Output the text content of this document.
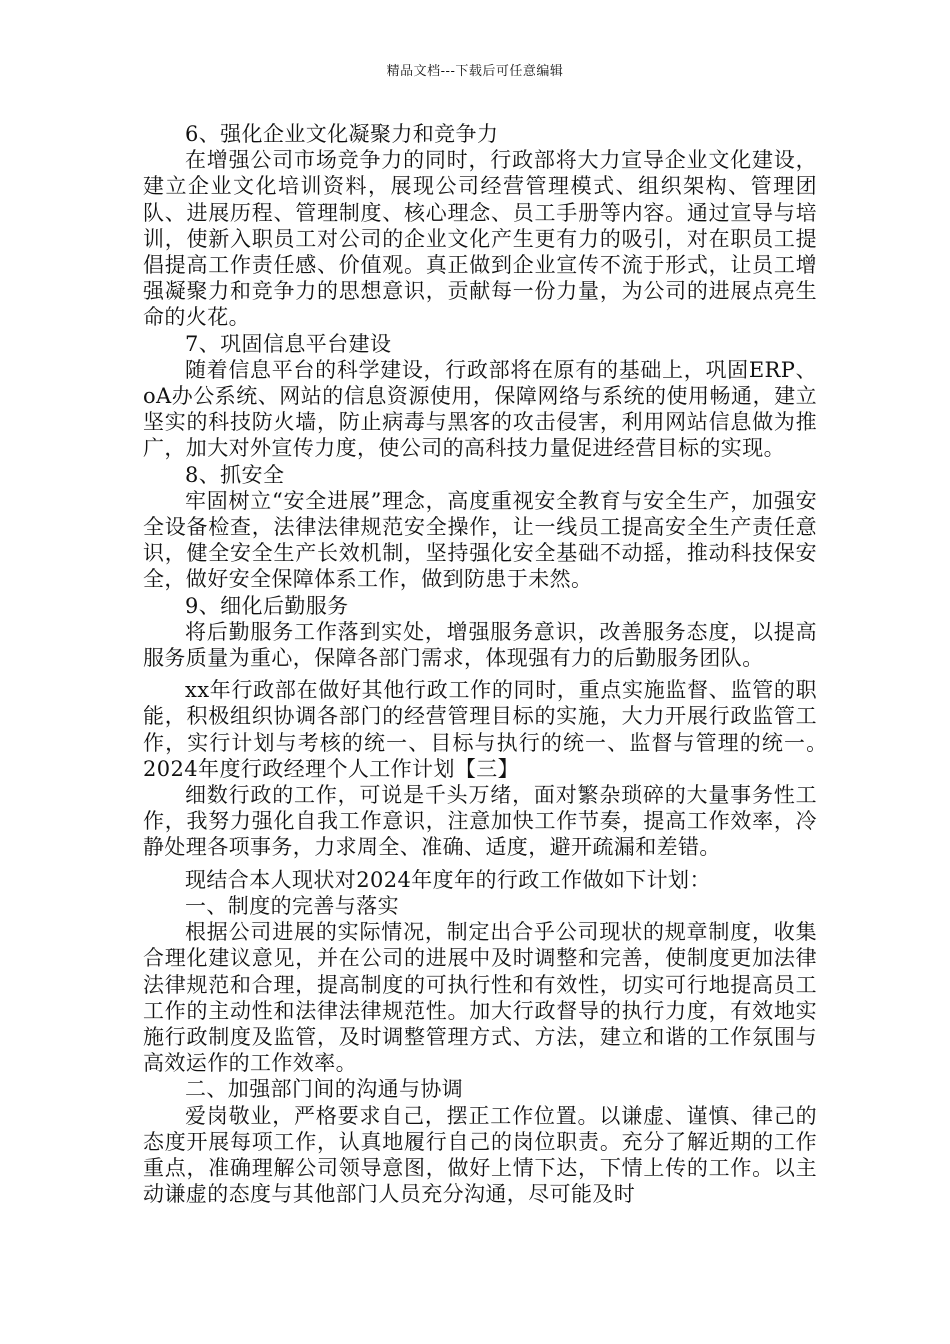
精品文档---下载后可任意编辑

6、强化企业文化凝聚力和竞争力

在增强公司市场竞争力的同时，行政部将大力宣导企业文化建设，建立企业文化培训资料，展现公司经营管理模式、组织架构、管理团队、进展历程、管理制度、核心理念、员工手册等内容。通过宣导与培训，使新入职员工对公司的企业文化产生更有力的吸引，对在职员工提倡提高工作责任感、价值观。真正做到企业宣传不流于形式，让员工增强凝聚力和竞争力的思想意识，贡献每一份力量，为公司的进展点亮生命的火花。

7、巩固信息平台建设

随着信息平台的科学建设，行政部将在原有的基础上，巩固ERP、oA办公系统、网站的信息资源使用，保障网络与系统的使用畅通，建立坚实的科技防火墙，防止病毒与黑客的攻击侵害，利用网站信息做为推广，加大对外宣传力度，使公司的高科技力量促进经营目标的实现。

8、抓安全

牢固树立“安全进展”理念，高度重视安全教育与安全生产，加强安全设备检查，法律法律规范安全操作，让一线员工提高安全生产责任意识，健全安全生产长效机制，坚持强化安全基础不动摇，推动科技保安全，做好安全保障体系工作，做到防患于未然。

9、细化后勤服务

将后勤服务工作落到实处，增强服务意识，改善服务态度，以提高服务质量为重心，保障各部门需求，体现强有力的后勤服务团队。

xx年行政部在做好其他行政工作的同时，重点实施监督、监管的职能，积极组织协调各部门的经营管理目标的实施，大力开展行政监管工作，实行计划与考核的统一、目标与执行的统一、监督与管理的统一。　　 2024年度行政经理个人工作计划【三】

细数行政的工作，可说是千头万绪，面对繁杂琐碎的大量事务性工作，我努力强化自我工作意识，注意加快工作节奏，提高工作效率，冷静处理各项事务，力求周全、准确、适度，避开疏漏和差错。

现结合本人现状对2024年度年的行政工作做如下计划：

一、制度的完善与落实

根据公司进展的实际情况，制定出合乎公司现状的规章制度，收集合理化建议意见，并在公司的进展中及时调整和完善，使制度更加法律法律规范和合理，提高制度的可执行性和有效性，切实可行地提高员工工作的主动性和法律法律规范性。加大行政督导的执行力度，有效地实施行政制度及监管，及时调整管理方式、方法，建立和谐的工作氛围与高效运作的工作效率。

二、加强部门间的沟通与协调

爱岗敬业，严格要求自己，摆正工作位置。以谦虚、谨慎、律己的态度开展每项工作，认真地履行自己的岗位职责。充分了解近期的工作重点，准确理解公司领导意图，做好上情下达，下情上传的工作。以主动谦虚的态度与其他部门人员充分沟通，尽可能及时
